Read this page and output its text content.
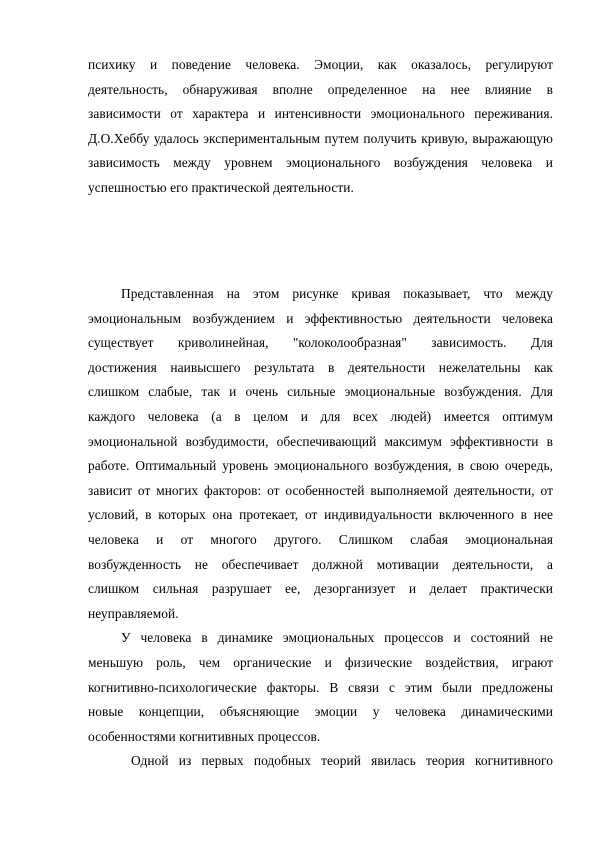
психику и поведение человека. Эмоции, как оказалось, регулируют
деятельность, обнаруживая вполне определенное на нее влияние в
зависимости от характера и интенсивности эмоционального переживания.
Д.О.Хеббу удалось экспериментальным путем получить кривую, выражающую
зависимость между уровнем эмоционального возбуждения человека и
успешностью его практической деятельности.
Представленная на этом рисунке кривая показывает, что между
эмоциональным возбуждением и эффективностью деятельности человека
существует криволинейная, "колоколообразная" зависимость. Для
достижения наивысшего результата в деятельности нежелательны как
слишком слабые, так и очень сильные эмоциональные возбуждения. Для
каждого человека (а в целом и для всех людей) имеется оптимум
эмоциональной возбудимости, обеспечивающий максимум эффективности в
работе. Оптимальный уровень эмоционального возбуждения, в свою очередь,
зависит от многих факторов: от особенностей выполняемой деятельности, от
условий, в которых она протекает, от индивидуальности включенного в нее
человека и от многого другого. Слишком слабая эмоциональная
возбужденность не обеспечивает должной мотивации деятельности, а
слишком сильная разрушает ее, дезорганизует и делает практически
неуправляемой.
У человека в динамике эмоциональных процессов и состояний не
меньшую роль, чем органические и физические воздействия, играют
когнитивно-психологические факторы. В связи с этим были предложены
новые концепции, объясняющие эмоции у человека динамическими
особенностями когнитивных процессов.
Одной из первых подобных теорий явилась теория когнитивного
